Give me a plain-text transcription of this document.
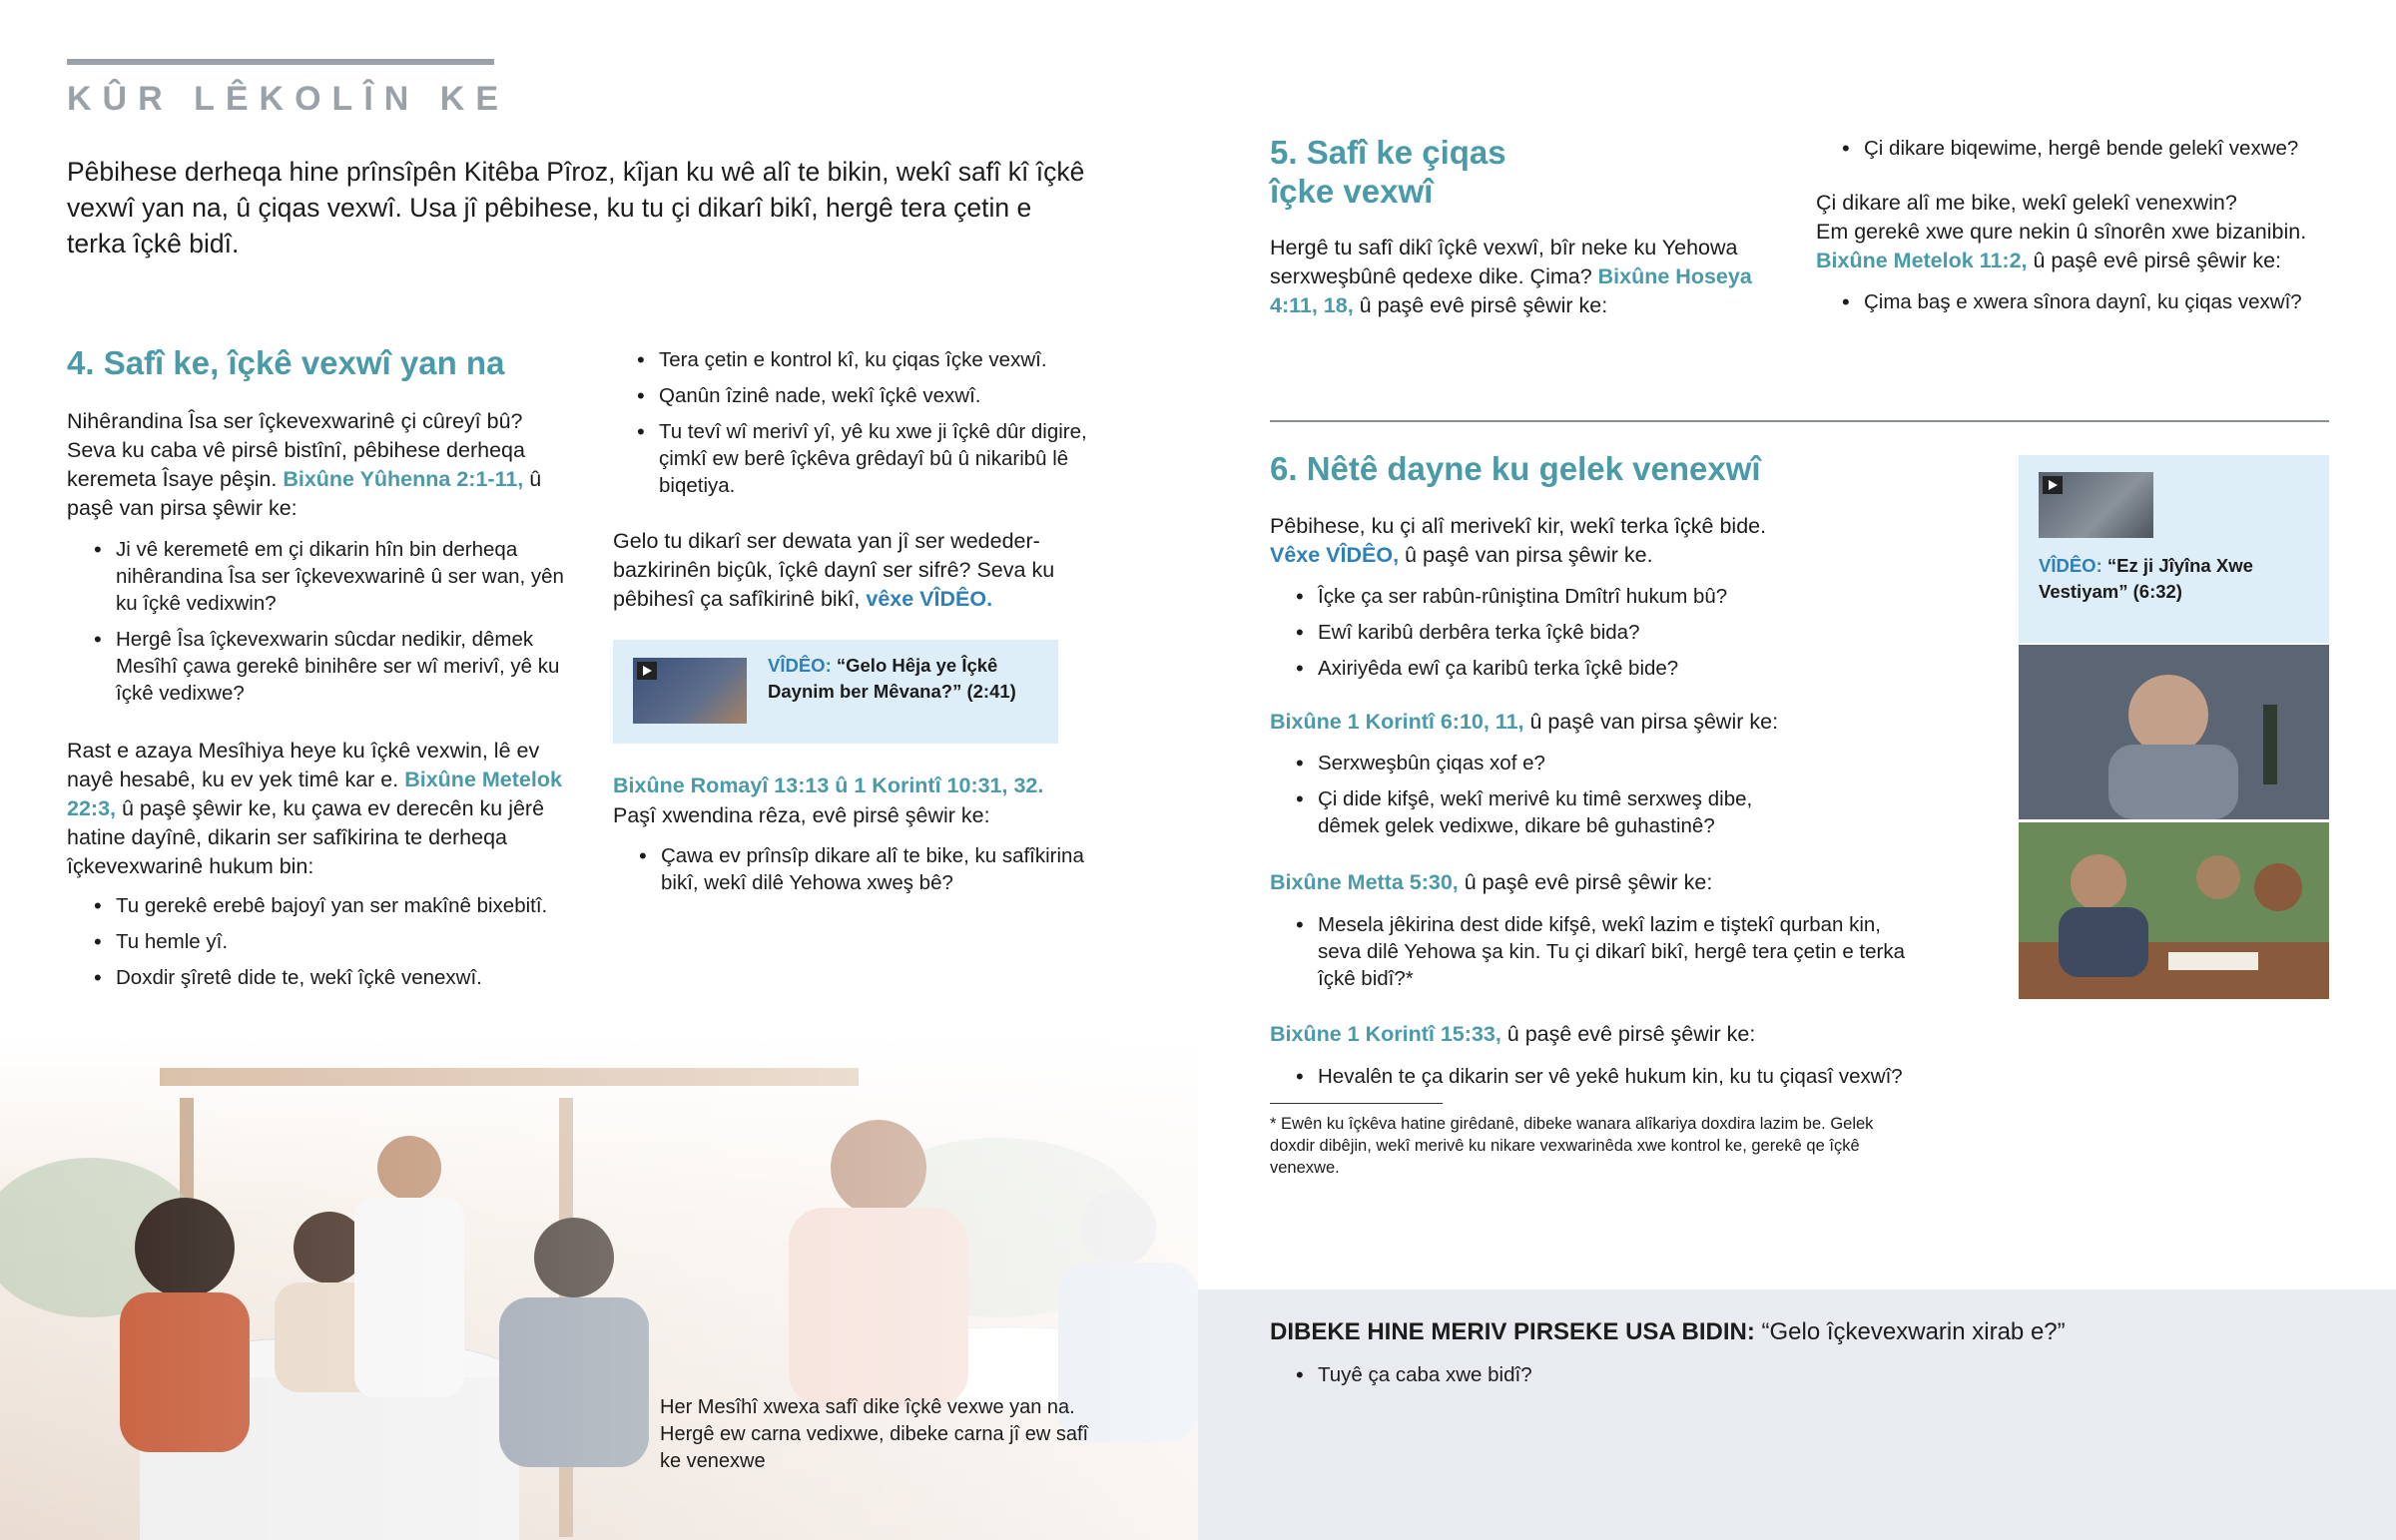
KÛR LÊKOLÎN KE

Pêbihese derheqa hine prînsîpên Kitêba Pîroz, kîjan ku wê alî te bikin, wekî safî kî îçkê vexwî yan na, û çiqas vexwî. Usa jî pêbihese, ku tu çi dikarî bikî, hergê tera çetin e terka îçkê bidî.

4. Safî ke, îçkê vexwî yan na

Nihêrandina Îsa ser îçkevexwarinê çi cûreyî bû? Seva ku caba vê pirsê bistînî, pêbihese derheqa keremeta Îsaye pêşin. Bixûne Yûhenna 2:1-11, û paşê van pirsa şêwir ke:

• Ji vê keremetê em çi dikarin hîn bin derheqa nihêrandina Îsa ser îçkevexwarinê û ser wan, yên ku îçkê vedixwin?
• Hergê Îsa îçkevexwarin sûcdar nedikir, dêmek Mesîhî çawa gerekê binihêre ser wî merivî, yê ku îçkê vedixwe?

Rast e azaya Mesîhiya heye ku îçkê vexwin, lê ev nayê hesabê, ku ev yek timê kar e. Bixûne Metelok 22:3, û paşê şêwir ke, ku çawa ev derecên ku jêrê hatine dayînê, dikarin ser safîkirina te derheqa îçkevexwarinê hukum bin:

• Tu gerekê erebê bajoyî yan ser makînê bixebitî.
• Tu hemle yî.
• Doxdir şîretê dide te, wekî îçkê venexwî.
• Tera çetin e kontrol kî, ku çiqas îçke vexwî.
• Qanûn îzinê nade, wekî îçkê vexwî.
• Tu tevî wî merivî yî, yê ku xwe ji îçkê dûr digire, çimkî ew berê îçkêva grêdayî bû û nikaribû lê biqetiya.

Gelo tu dikarî ser dewata yan jî ser wededer-bazkirinên biçûk, îçkê daynî ser sifrê? Seva ku pêbihesî ça safîkirinê bikî, vêxe VÎDÊO.

VÎDÊO: “Gelo Hêja ye Îçkê Daynim ber Mêvana?” (2:41)

Bixûne Romayî 13:13 û 1 Korintî 10:31, 32.

Paşî xwendina rêza, evê pirsê şêwir ke:

• Çawa ev prînsîp dikare alî te bike, ku safîkirina bikî, wekî dilê Yehowa xweş bê?

Her Mesîhî xwexa safî dike îçkê vexwe yan na. Hergê ew carna vedixwe, dibeke carna jî ew safî ke venexwe

5. Safî ke çiqas
îçke vexwî

Hergê tu safî dikî îçkê vexwî, bîr neke ku Yehowa serxweşbûnê qedexe dike. Çima? Bixûne Hoseya 4:11, 18, û paşê evê pirsê şêwir ke:

• Çi dikare biqewime, hergê bende gelekî vexwe?
Çi dikare alî me bike, wekî gelekî venexwin?
Em gerekê xwe qure nekin û sînorên xwe bizanibin.
Bixûne Metelok 11:2, û paşê evê pirsê şêwir ke:
• Çima baş e xwera sînora daynî, ku çiqas vexwî?
6. Nêtê dayne ku gelek venexwî

Pêbihese, ku çi alî merivekî kir, wekî terka îçkê bide.
Vêxe VÎDÊO, û paşê van pirsa şêwir ke.

• Îçke ça ser rabûn-rûniştina Dmîtrî hukum bû?
• Ewî karibû derbêra terka îçkê bida?
• Axiriyêda ewî ça karibû terka îçkê bide?

Bixûne 1 Korintî 6:10, 11, û paşê van pirsa şêwir ke:

• Serxweşbûn çiqas xof e?
• Çi dide kifşê, wekî merivê ku timê serxweş dibe, dêmek gelek vedixwe, dikare bê guhastinê?

Bixûne Metta 5:30, û paşê evê pirsê şêwir ke:

• Mesela jêkirina dest dide kifşê, wekî lazim e tiştekî qurban kin, seva dilê Yehowa şa kin. Tu çi dikarî bikî, hergê tera çetin e terka îçkê bidî?*

Bixûne 1 Korintî 15:33, û paşê evê pirsê şêwir ke:

• Hevalên te ça dikarin ser vê yekê hukum kin, ku tu çiqasî vexwî?

* Ewên ku îçkêva hatine girêdanê, dibeke wanara alîkariya doxdira lazim be. Gelek doxdir dibêjin, wekî merivê ku nikare vexwarinêda xwe kontrol ke, gerekê qe îçkê venexwe.

VÎDÊO: “Ez ji Jîyîna Xwe Vestiyam” (6:32)
DIBEKE HINE MERIV PIRSEKE USA BIDIN: “Gelo îçkevexwarin xirab e?”
• Tuyê ça caba xwe bidî?
